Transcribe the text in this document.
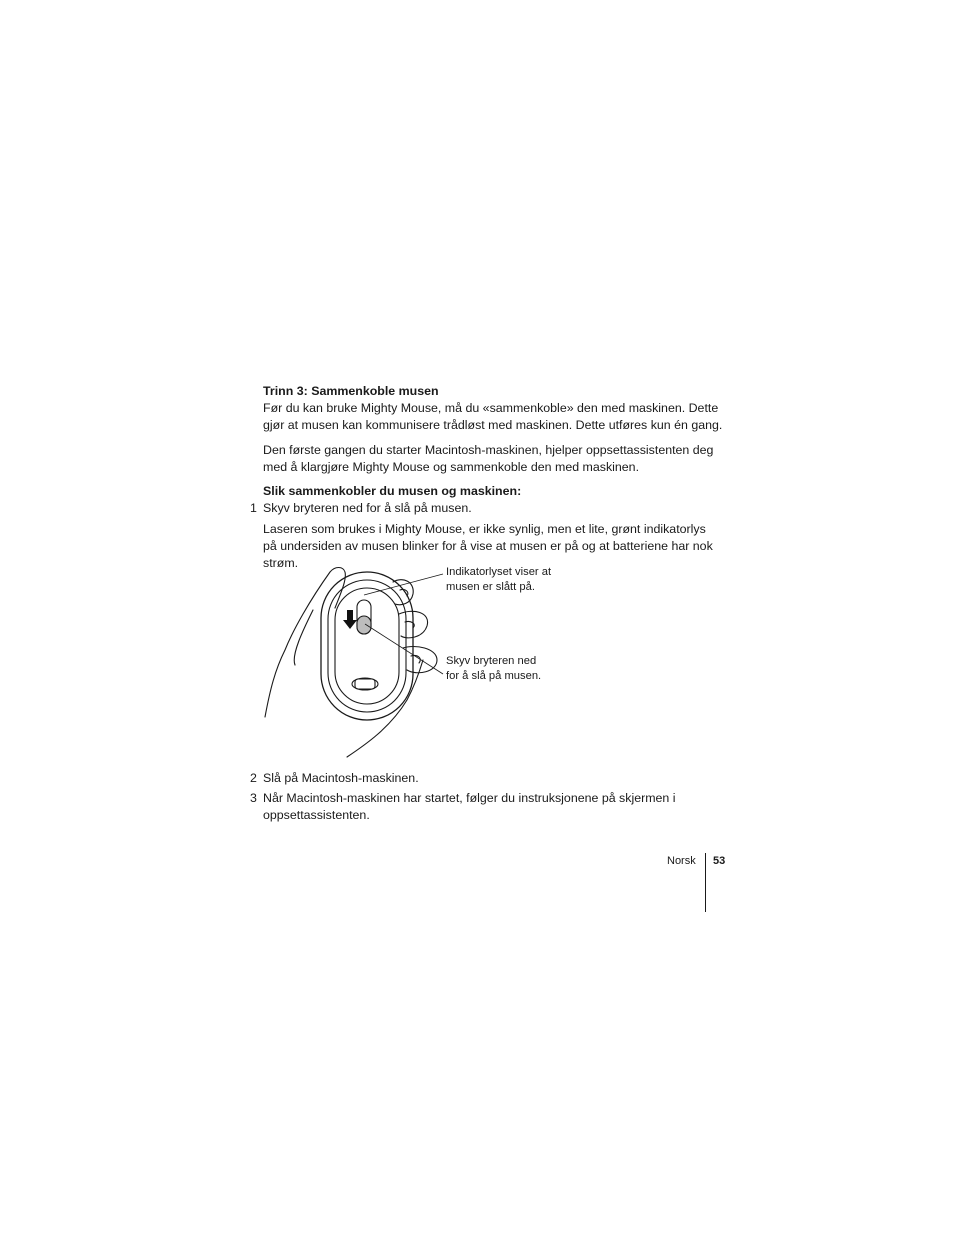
Trinn 3: Sammenkoble musen
Før du kan bruke Mighty Mouse, må du «sammenkoble» den med maskinen. Dette gjør at musen kan kommunisere trådløst med maskinen. Dette utføres kun én gang.
Den første gangen du starter Macintosh-maskinen, hjelper oppsettassistenten deg med å klargjøre Mighty Mouse og sammenkoble den med maskinen.
Slik sammenkobler du musen og maskinen:
1 Skyv bryteren ned for å slå på musen.
Laseren som brukes i Mighty Mouse, er ikke synlig, men et lite, grønt indikatorlys på undersiden av musen blinker for å vise at musen er på og at batteriene har nok strøm.
Indikatorlyset viser at
musen er slått på.
Skyv bryteren ned
for å slå på musen.
2 Slå på Macintosh-maskinen.
3 Når Macintosh-maskinen har startet, følger du instruksjonene på skjermen i oppsettassistenten.
Norsk 53
